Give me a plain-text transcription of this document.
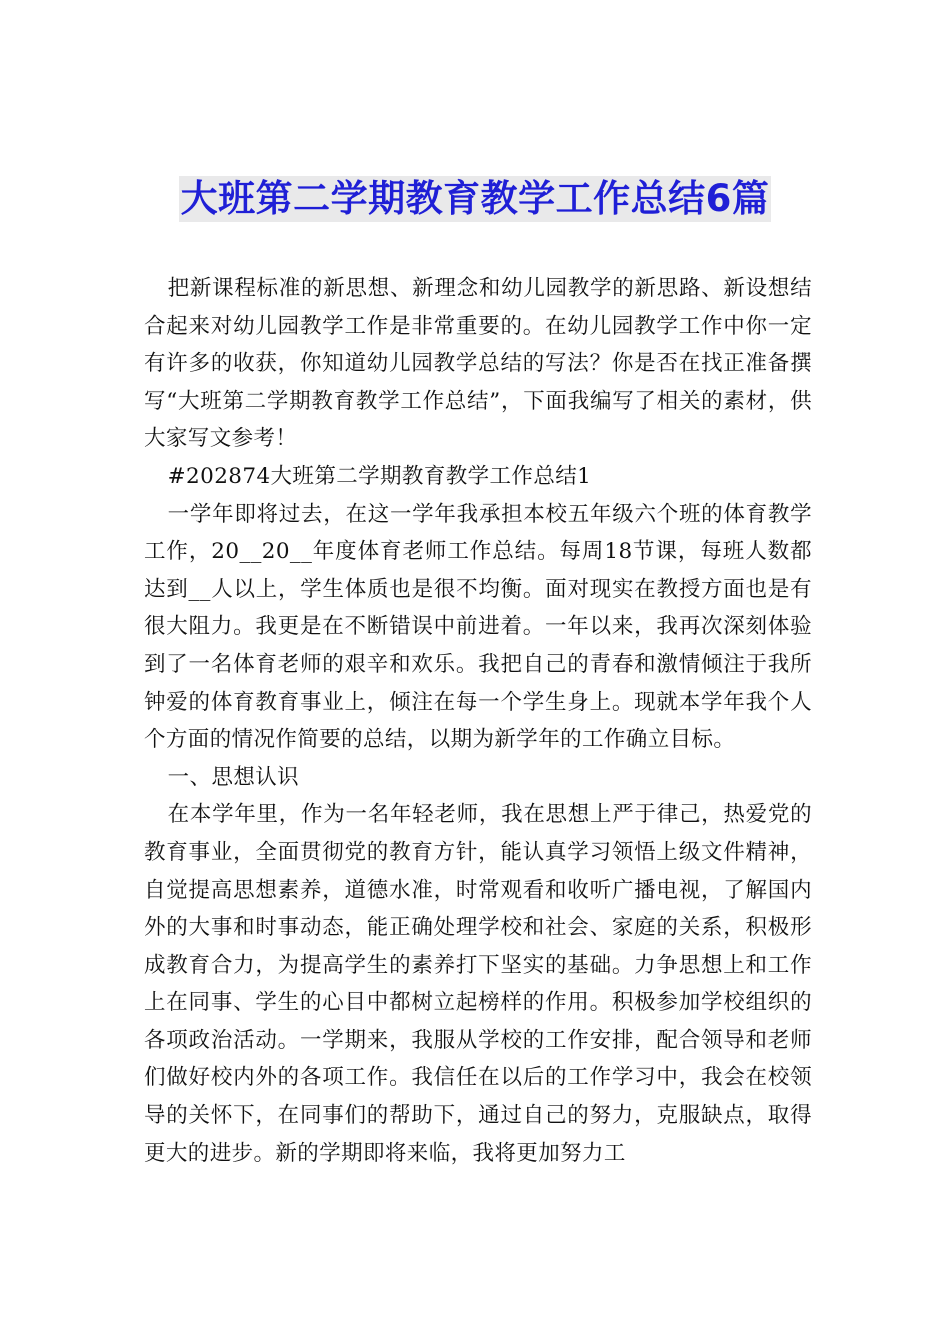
大班第二学期教育教学工作总结6篇

把新课程标准的新思想、新理念和幼儿园教学的新思路、新设想结合起来对幼儿园教学工作是非常重要的。在幼儿园教学工作中你一定有许多的收获，你知道幼儿园教学总结的写法？你是否在找正准备撰写“大班第二学期教育教学工作总结”，下面我编写了相关的素材，供大家写文参考！

#202874大班第二学期教育教学工作总结1

一学年即将过去，在这一学年我承担本校五年级六个班的体育教学工作，20__20__年度体育老师工作总结。每周18节课，每班人数都达到__人以上，学生体质也是很不均衡。面对现实在教授方面也是有很大阻力。我更是在不断错误中前进着。一年以来，我再次深刻体验到了一名体育老师的艰辛和欢乐。我把自己的青春和激情倾注于我所钟爱的体育教育事业上，倾注在每一个学生身上。现就本学年我个人个方面的情况作简要的总结，以期为新学年的工作确立目标。

一、思想认识

在本学年里，作为一名年轻老师，我在思想上严于律己，热爱党的教育事业，全面贯彻党的教育方针，能认真学习领悟上级文件精神，自觉提高思想素养，道德水准，时常观看和收听广播电视，了解国内外的大事和时事动态，能正确处理学校和社会、家庭的关系，积极形成教育合力，为提高学生的素养打下坚实的基础。力争思想上和工作上在同事、学生的心目中都树立起榜样的作用。积极参加学校组织的各项政治活动。一学期来，我服从学校的工作安排，配合领导和老师们做好校内外的各项工作。我信任在以后的工作学习中，我会在校领导的关怀下，在同事们的帮助下，通过自己的努力，克服缺点，取得更大的进步。新的学期即将来临，我将更加努力工
